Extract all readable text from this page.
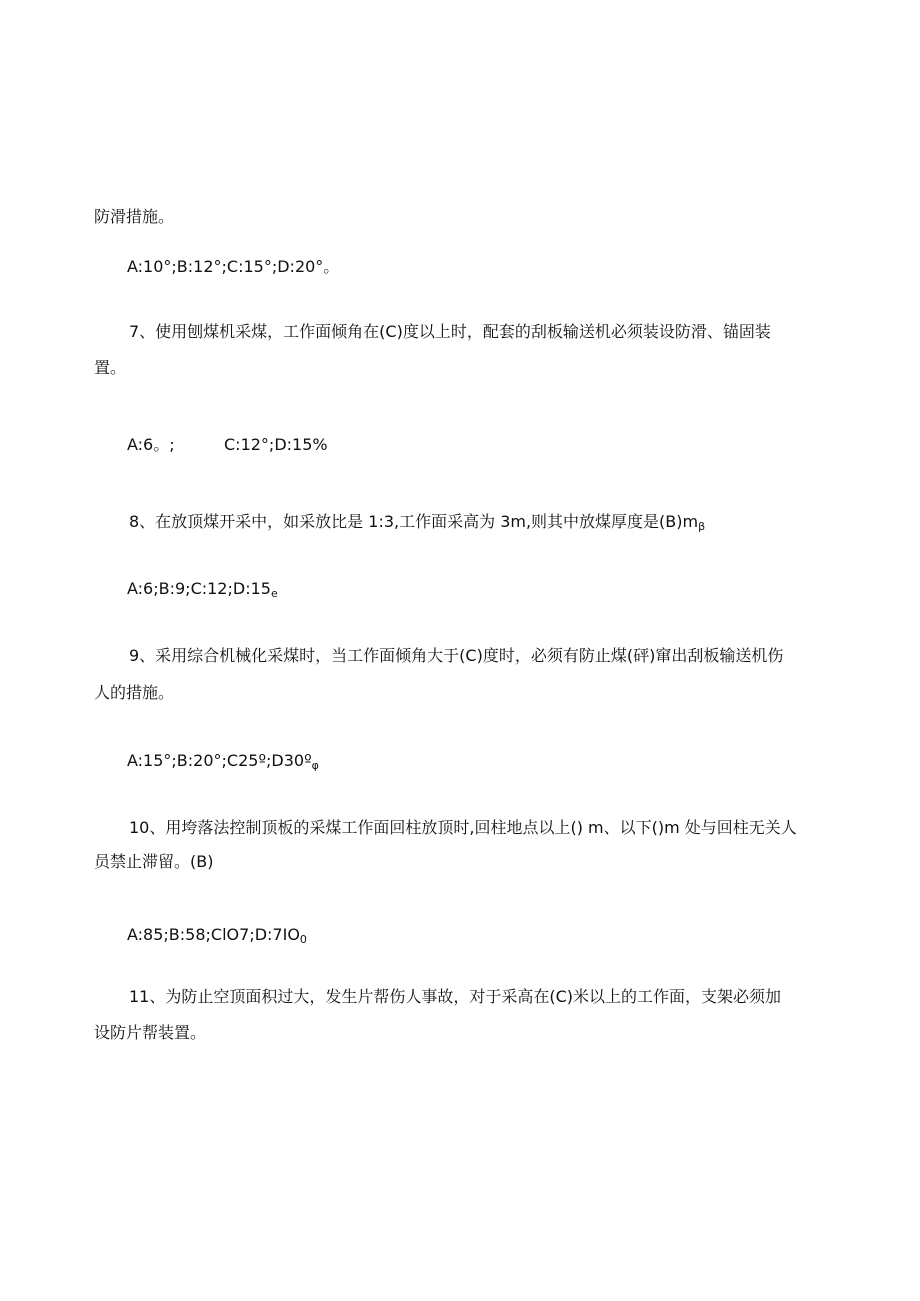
防滑措施。
A:10°;B:12°;C:15°;D:20°。
7、使用刨煤机采煤，工作面倾角在(C)度以上时，配套的刮板输送机必须装设防滑、锚固装
置。
A:6。;	C:12°;D:15%
8、在放顶煤开采中，如采放比是 1:3,工作面采高为 3m,则其中放煤厚度是$(B)m_\beta$
$A:6;B:9;C:12;D:15_e$
9、采用综合机械化采煤时，当工作面倾角大于(C)度时，必须有防止煤(砰)窜出刮板输送机伤
人的措施。
A:15°;B:20°;C25º;D30º$_\varphi$
10、用垮落法控制顶板的采煤工作面回柱放顶时,回柱地点以上() m、以下()m 处与回柱无关人
员禁止滞留。(B)
$A:85;B:58;ClO7;D:7IO_0$
11、为防止空顶面积过大，发生片帮伤人事故，对于采高在(C)米以上的工作面，支架必须加
设防片帮装置。
